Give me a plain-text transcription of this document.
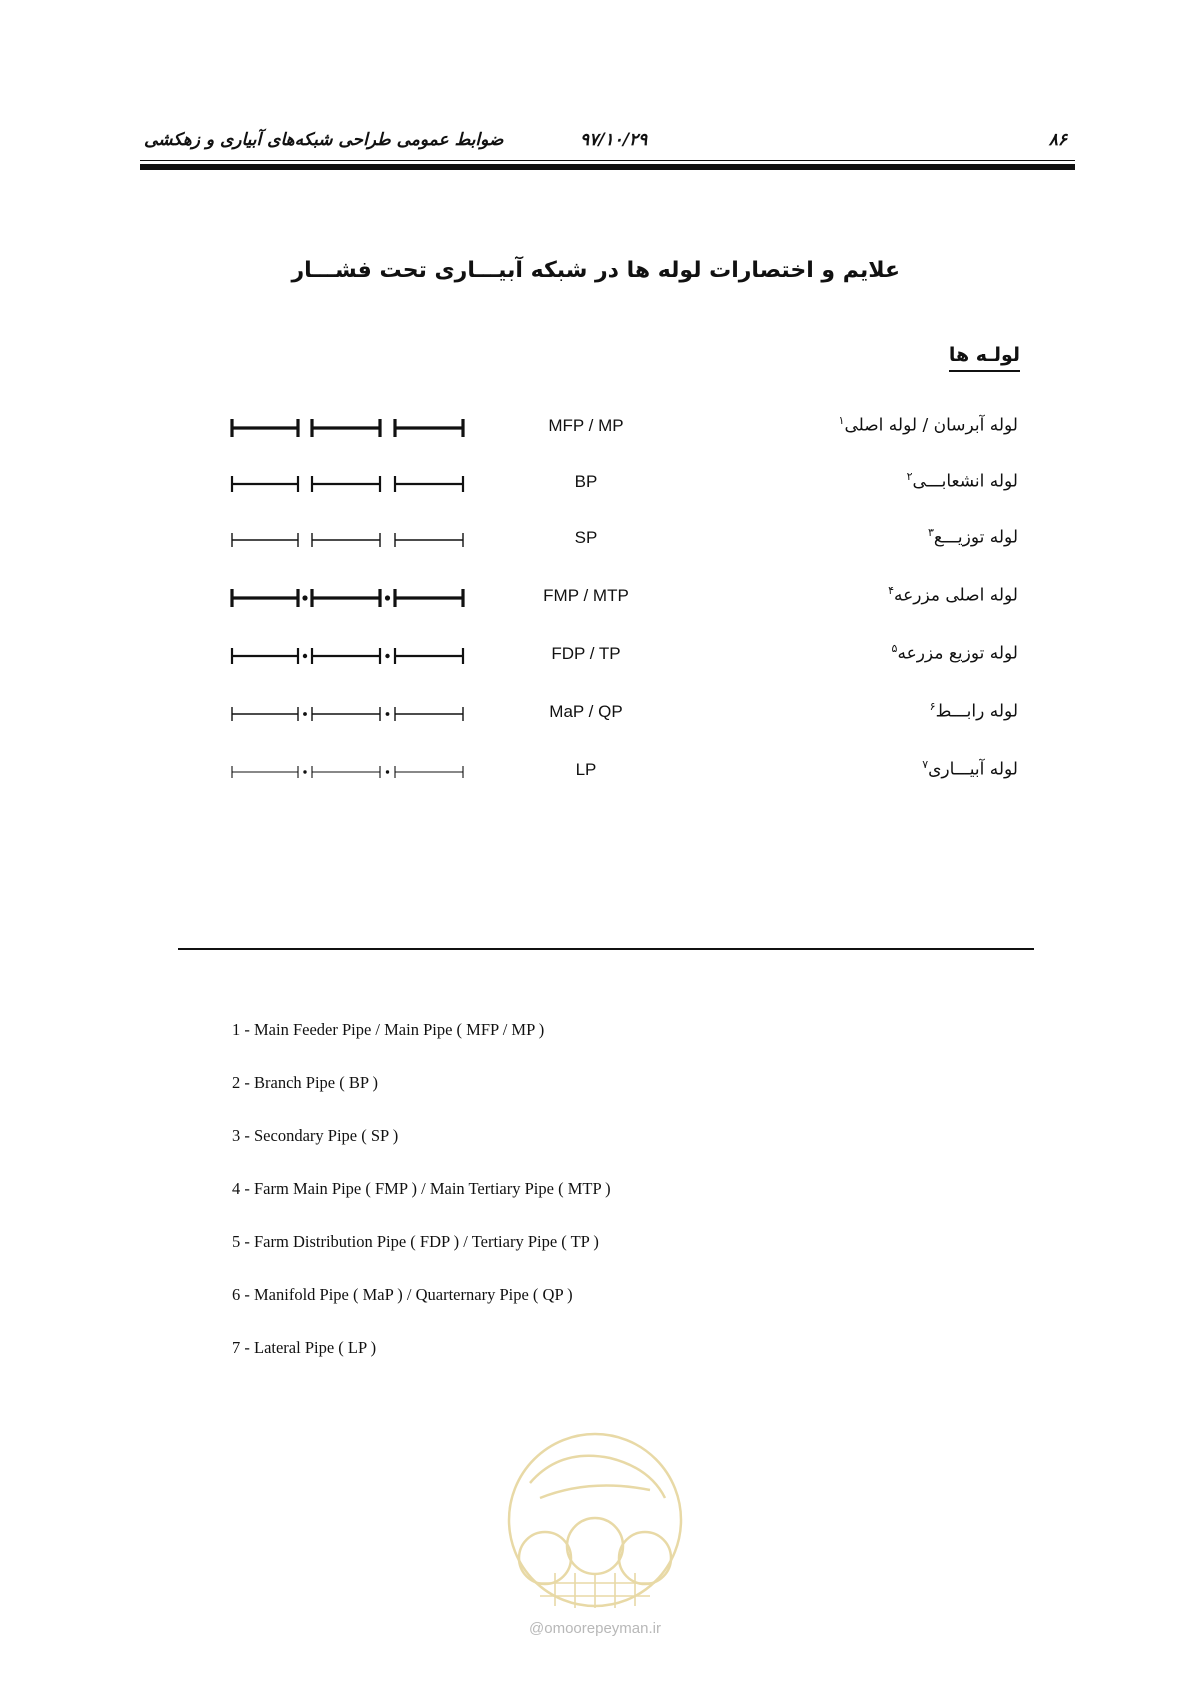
۸۶
۹۷/۱۰/۲۹
ضوابط عمومی طراحی شبکه‌های آبیاری و زهکشی
علایم و اختصارات لوله ها در شبکه آبیـــاری تحت فشـــار
لولـه ها
لوله آبرسان / لوله اصلی$^۱$
MFP / MP
لوله انشعابـــی$^۲$
BP
لوله توزیـــع$^۳$
SP
لوله اصلی مزرعه$^۴$
FMP / MTP
لوله توزیع مزرعه$^۵$
FDP / TP
لوله رابـــط$^۶$
MaP / QP
لوله آبیـــاری$^۷$
LP
1 - Main Feeder Pipe / Main Pipe ( MFP / MP )
2 - Branch Pipe ( BP )
3 - Secondary Pipe ( SP )
4 - Farm Main Pipe ( FMP ) / Main Tertiary Pipe ( MTP )
5 - Farm Distribution Pipe ( FDP ) / Tertiary Pipe ( TP )
6 - Manifold Pipe ( MaP ) / Quarternary Pipe ( QP )
7 - Lateral Pipe ( LP )
@omoorepeyman.ir
